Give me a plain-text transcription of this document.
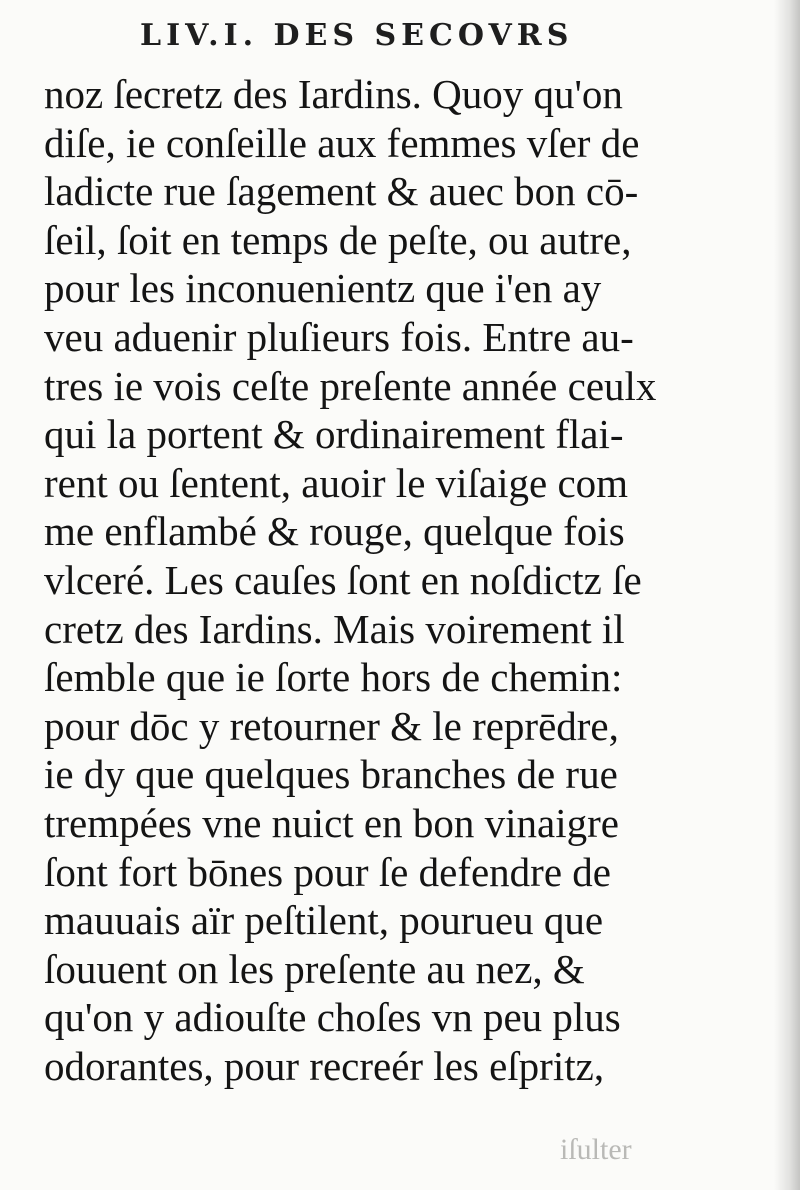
LIV.I. DES SECOVRS
noz ſecretz des Iardins. Quoy qu'on
diſe, ie conſeille aux femmes vſer de
ladicte rue ſagement & auec bon cō-
ſeil, ſoit en temps de peſte, ou autre,
pour les inconuenientz que i'en ay
veu aduenir pluſieurs fois. Entre au-
tres ie vois ceſte preſente année ceulx
qui la portent & ordinairement flai-
rent ou ſentent, auoir le viſaige com
me enflambé & rouge, quelque fois
vlceré. Les cauſes ſont en noſdictz ſe
cretz des Iardins. Mais voirement il
ſemble que ie ſorte hors de chemin:
pour dōc y retourner & le reprēdre,
ie dy que quelques branches de rue
trempées vne nuict en bon vinaigre
ſont fort bōnes pour ſe defendre de
mauuais aïr peſtilent, pourueu que
ſouuent on les preſente au nez, &
qu'on y adiouſte choſes vn peu plus
odorantes, pour recreér les eſpritz,
iſulter
